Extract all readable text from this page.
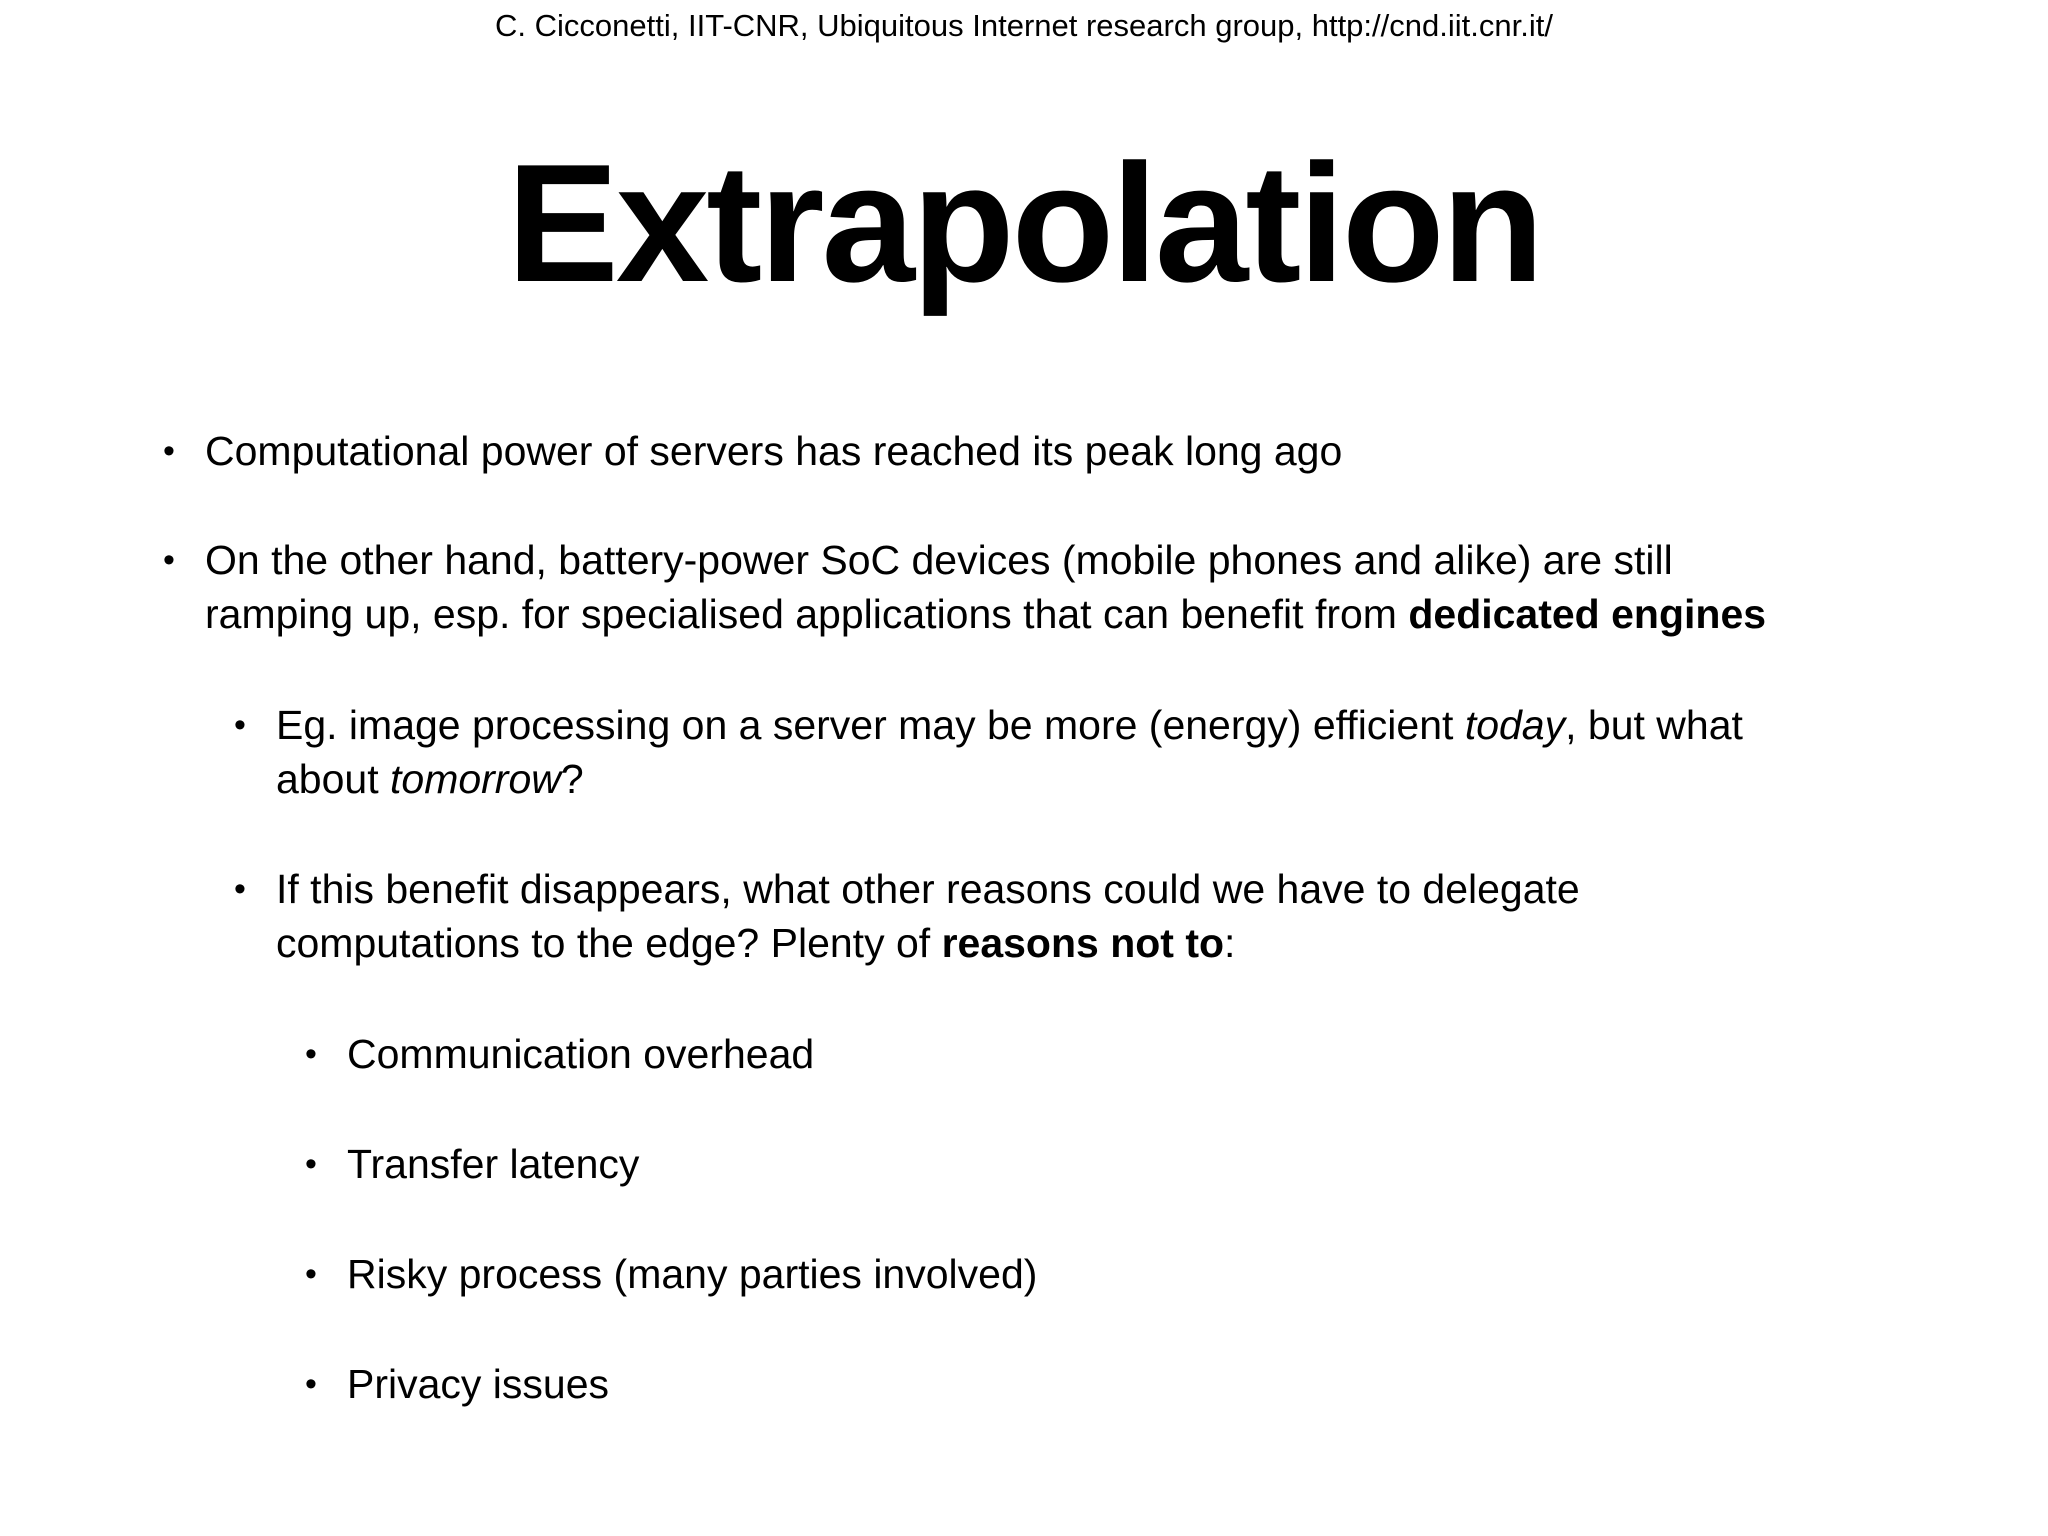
C. Cicconetti, IIT-CNR, Ubiquitous Internet research group, http://cnd.iit.cnr.it/
Extrapolation
• Computational power of servers has reached its peak long ago
• On the other hand, battery-power SoC devices (mobile phones and alike) are still
ramping up, esp. for specialised applications that can benefit from dedicated engines
• Eg. image processing on a server may be more (energy) efficient today, but what
about tomorrow?
• If this benefit disappears, what other reasons could we have to delegate
computations to the edge? Plenty of reasons not to:
• Communication overhead
• Transfer latency
• Risky process (many parties involved)
• Privacy issues
